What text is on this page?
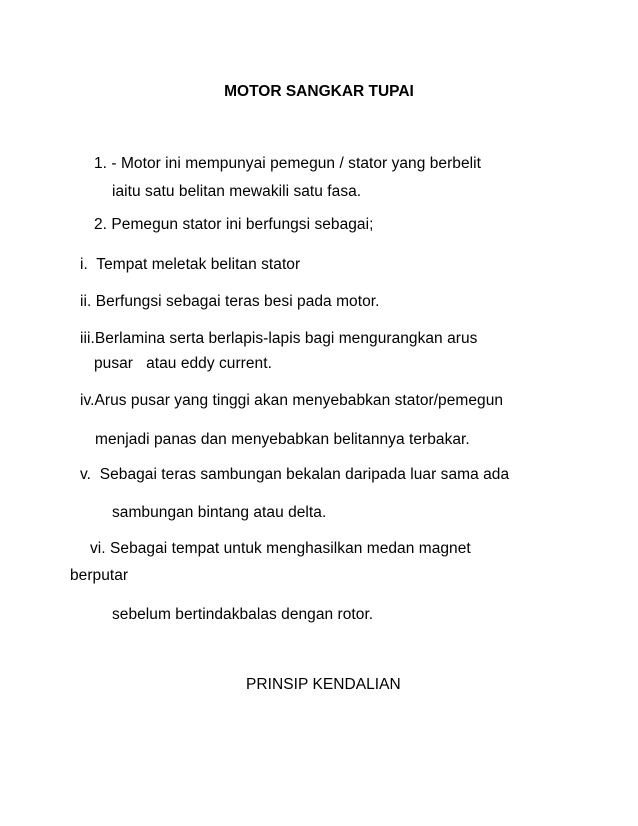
MOTOR SANGKAR TUPAI
1. - Motor ini mempunyai pemegun / stator yang berbelit
iaitu satu belitan mewakili satu fasa.
2. Pemegun stator ini berfungsi sebagai;
i.  Tempat meletak belitan stator
ii. Berfungsi sebagai teras besi pada motor.
iii.Berlamina serta berlapis-lapis bagi mengurangkan arus
pusar   atau eddy current.
iv.Arus pusar yang tinggi akan menyebabkan stator/pemegun
menjadi panas dan menyebabkan belitannya terbakar.
v.  Sebagai teras sambungan bekalan daripada luar sama ada
sambungan bintang atau delta.
vi. Sebagai tempat untuk menghasilkan medan magnet
berputar
sebelum bertindakbalas dengan rotor.
PRINSIP KENDALIAN
